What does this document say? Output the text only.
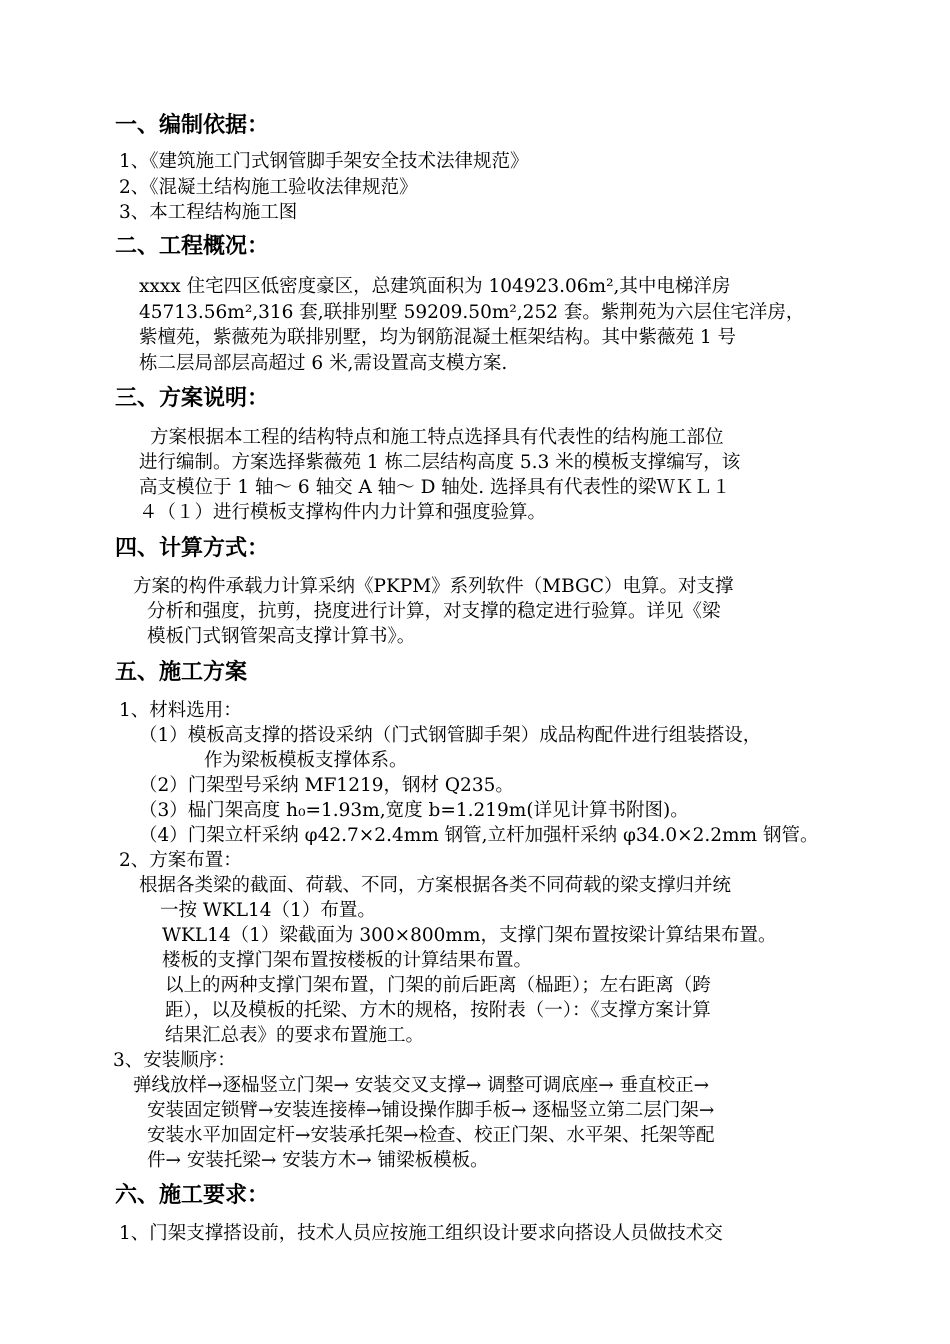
一、编制依据：
1、《建筑施工门式钢管脚手架安全技术法律规范》
2、《混凝土结构施工验收法律规范》
3、本工程结构施工图
二、工程概况：
xxxx 住宅四区低密度豪区，总建筑面积为 104923.06m²,其中电梯洋房
45713.56m²,316 套,联排别墅 59209.50m²,252 套。紫荆苑为六层住宅洋房，
紫檀苑，紫薇苑为联排别墅，均为钢筋混凝土框架结构。其中紫薇苑 1 号
栋二层局部层高超过 6 米,需设置高支模方案.
三、方案说明：
方案根据本工程的结构特点和施工特点选择具有代表性的结构施工部位
进行编制。方案选择紫薇苑 1 栋二层结构高度 5.3 米的模板支撑编写，该
高支模位于 1 轴～ 6 轴交 A 轴～ D 轴处. 选择具有代表性的梁ＷＫＬ１
４（１）进行模板支撑构件内力计算和强度验算。
四、计算方式：
方案的构件承载力计算采纳《PKPM》系列软件（MBGC）电算。对支撑
分析和强度，抗剪，挠度进行计算，对支撑的稳定进行验算。详见《梁
模板门式钢管架高支撑计算书》。
五、施工方案
1、材料选用：
（1）模板高支撑的搭设采纳（门式钢管脚手架）成品构配件进行组装搭设，
作为梁板模板支撑体系。
（2）门架型号采纳 MF1219，钢材 Q235。
（3）榀门架高度 h₀=1.93m,宽度 b=1.219m(详见计算书附图)。
（4）门架立杆采纳 φ42.7×2.4mm 钢管,立杆加强杆采纳 φ34.0×2.2mm 钢管。
2、方案布置：
根据各类梁的截面、荷载、不同，方案根据各类不同荷载的梁支撑归并统
一按 WKL14（1）布置。
WKL14（1）梁截面为 300×800mm，支撑门架布置按梁计算结果布置。
楼板的支撑门架布置按楼板的计算结果布置。
以上的两种支撑门架布置，门架的前后距离（榀距）；左右距离（跨
距），以及模板的托梁、方木的规格，按附表（一）：《支撑方案计算
结果汇总表》的要求布置施工。
3、安装顺序：
弹线放样→逐榀竖立门架→ 安装交叉支撑→ 调整可调底座→ 垂直校正→
安装固定锁臂→安装连接棒→铺设操作脚手板→ 逐榀竖立第二层门架→
安装水平加固定杆→安装承托架→检查、校正门架、水平架、托架等配
件→ 安装托梁→ 安装方木→ 铺梁板模板。
六、施工要求：
1、门架支撑搭设前，技术人员应按施工组织设计要求向搭设人员做技术交
